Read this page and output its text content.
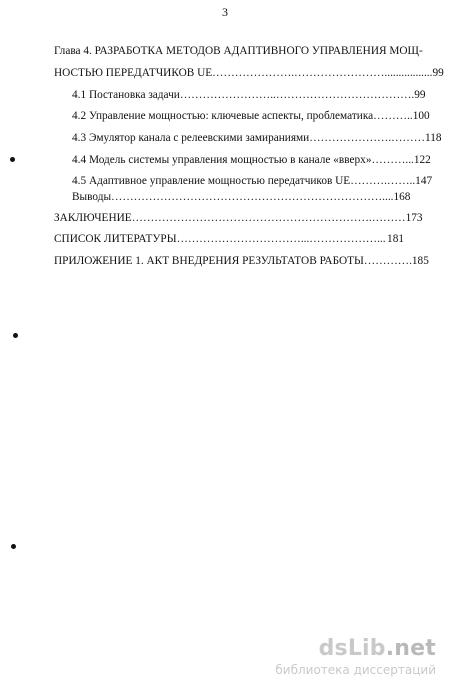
3
Глава 4. РАЗРАБОТКА МЕТОДОВ АДАПТИВНОГО УПРАВЛЕНИЯ МОЩ-
НОСТЬЮ ПЕРЕДАТЧИКОВ UE ………………….……………………................. 99
4.1 Постановка задачи ……………………..………………………………. 99
4.2 Управление мощностью: ключевые аспекты, проблематика ……….. 100
4.3 Эмулятор канала с релеевскими замираниями ………………….……… 118
4.4 Модель системы управления мощностью в канале «вверх» ………... 122
4.5 Адаптивное управление мощностью передатчиков UE ……….…….. 147
Выводы ……………………………………………………………….... 168
ЗАКЛЮЧЕНИЕ ……………………………………………………….……… 173
СПИСОК ЛИТЕРАТУРЫ ……………………………...………………... 181
ПРИЛОЖЕНИЕ 1. АКТ ВНЕДРЕНИЯ РЕЗУЛЬТАТОВ РАБОТЫ …………. 185
dsLib.net
библиотека диссертаций
